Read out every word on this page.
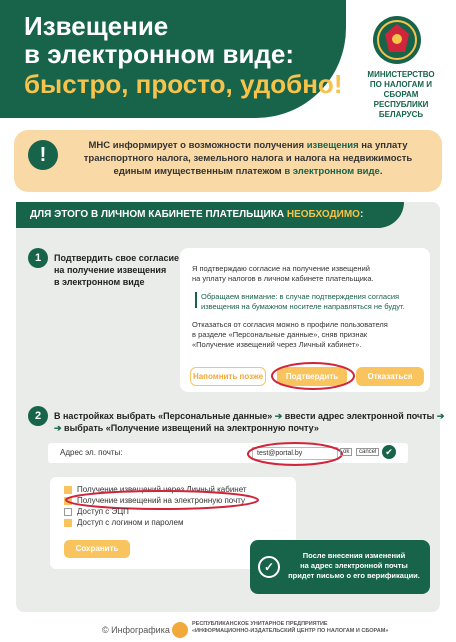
Извещение
в электронном виде:
быстро, просто, удобно!	МИНИСТЕРСТВО
ПО НАЛОГАМ И СБОРАМ
РЕСПУБЛИКИ БЕЛАРУСЬ
!	МНС информирует о возможности получения извещения на уплату транспортного налога, земельного налога и налога на недвижимость единым имущественным платежом в электронном виде.
ДЛЯ ЭТОГО В ЛИЧНОМ КАБИНЕТЕ ПЛАТЕЛЬЩИКА НЕОБХОДИМО:
1	Подтвердить свое согласие
на получение извещения
в электронном виде
Я подтверждаю согласие на получение извещений
на уплату налогов в личном кабинете плательщика.
Обращаем внимание: в случае подтверждения согласия
извещения на бумажном носителе направляться не будут.
Отказаться от согласия можно в профиле пользователя
в разделе «Персональные данные», сняв признак
«Получение извещений через Личный кабинет».
Напомнить позже	Подтвердить	Отказаться
2	В настройках выбрать «Персональные данные» ➔ ввести адрес электронной почты ➔
➔ выбрать «Получение извещений на электронную почту»
Адрес эл. почты:	test@portal.by	ok	cancel ✔
Получение извещений через Личный кабинет
Получение извещений на электронную почту
Доступ с ЭЦП
Доступ с логином и паролем
Сохранить
✓
После внесения изменений
на адрес электронной почты
придет письмо о его верификации.
© Инфографика
РЕСПУБЛИКАНСКОЕ УНИТАРНОЕ ПРЕДПРИЯТИЕ
«ИНФОРМАЦИОННО-ИЗДАТЕЛЬСКИЙ ЦЕНТР ПО НАЛОГАМ И СБОРАМ»
